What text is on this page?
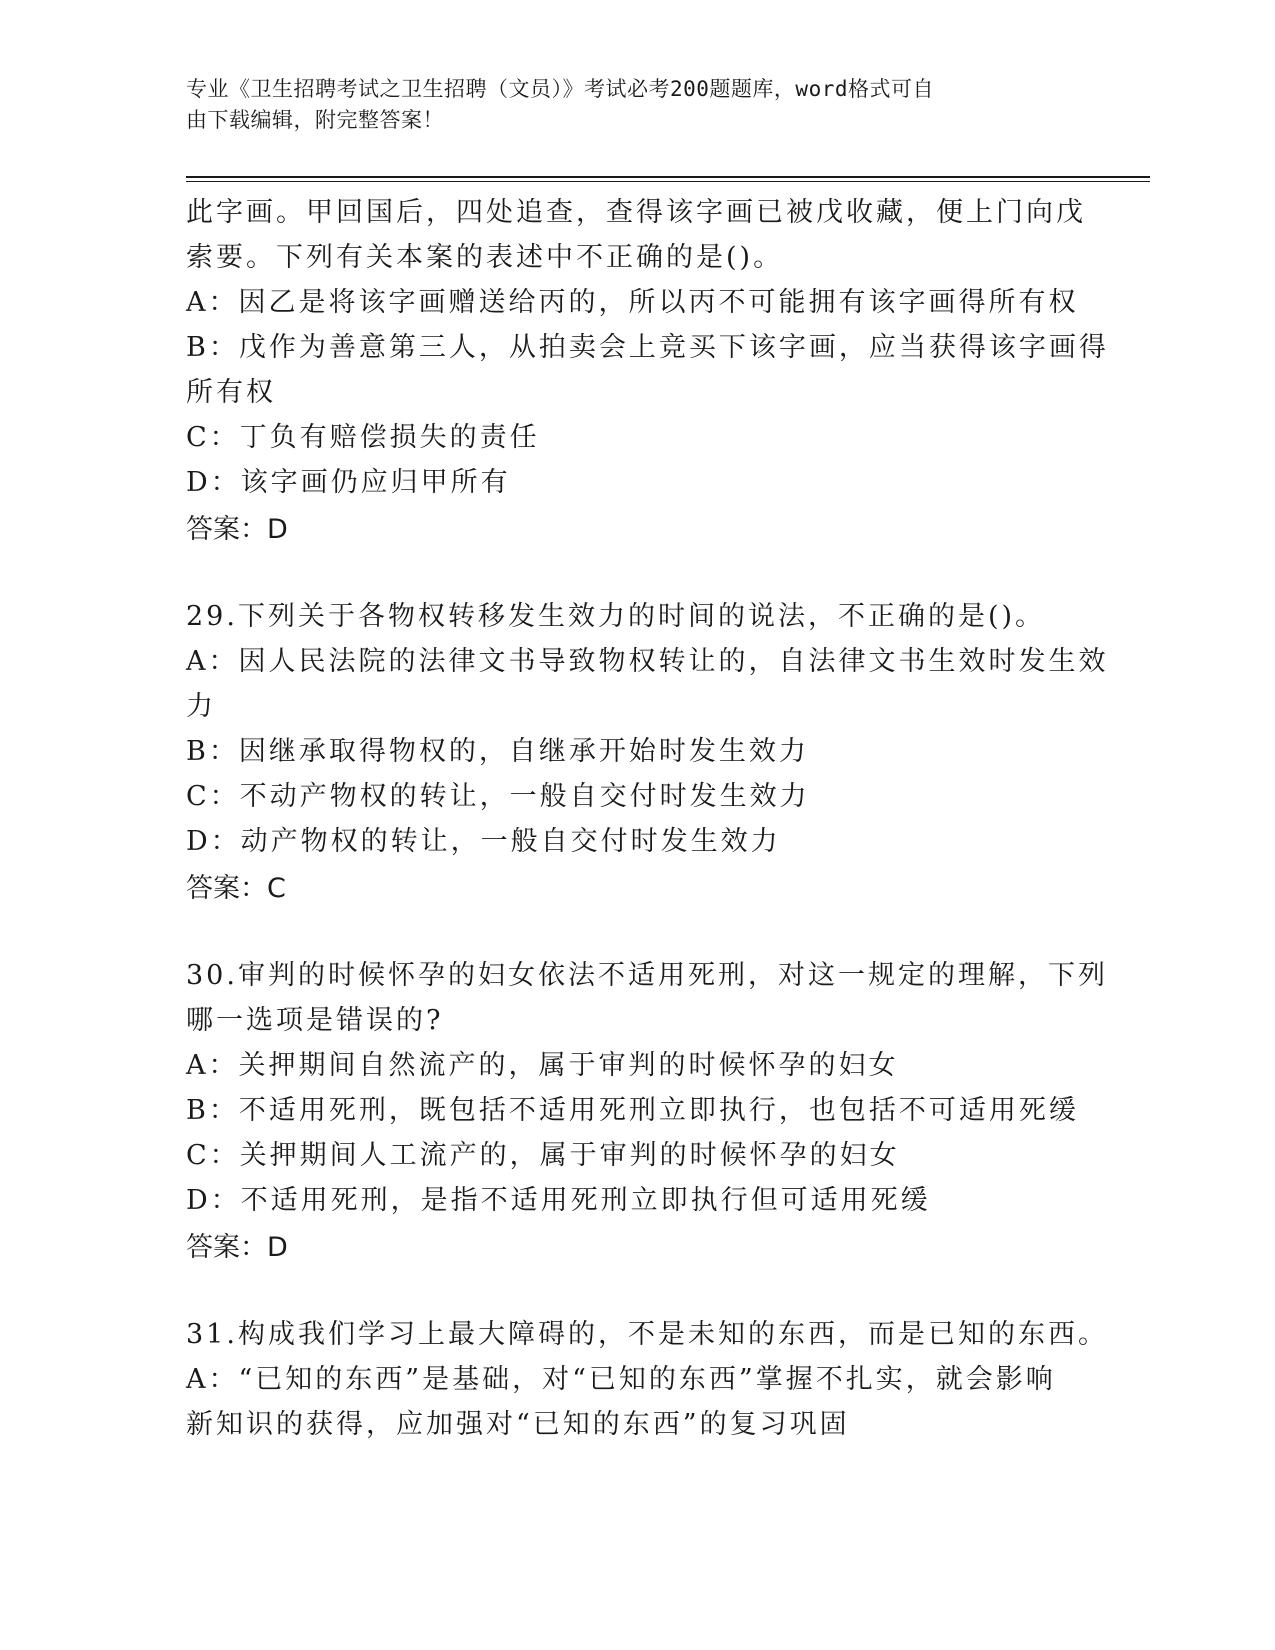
专业《卫生招聘考试之卫生招聘（文员）》考试必考200题题库，word格式可自
由下载编辑，附完整答案！
此字画。甲回国后，四处追查，查得该字画已被戊收藏，便上门向戊
索要。下列有关本案的表述中不正确的是()。
A：因乙是将该字画赠送给丙的，所以丙不可能拥有该字画得所有权
B：戊作为善意第三人，从拍卖会上竞买下该字画，应当获得该字画得
所有权
C：丁负有赔偿损失的责任
D：该字画仍应归甲所有
答案：D
29.下列关于各物权转移发生效力的时间的说法，不正确的是()。
A：因人民法院的法律文书导致物权转让的，自法律文书生效时发生效
力
B：因继承取得物权的，自继承开始时发生效力
C：不动产物权的转让，一般自交付时发生效力
D：动产物权的转让，一般自交付时发生效力
答案：C
30.审判的时候怀孕的妇女依法不适用死刑，对这一规定的理解，下列
哪一选项是错误的?
A：关押期间自然流产的，属于审判的时候怀孕的妇女
B：不适用死刑，既包括不适用死刑立即执行，也包括不可适用死缓
C：关押期间人工流产的，属于审判的时候怀孕的妇女
D：不适用死刑，是指不适用死刑立即执行但可适用死缓
答案：D
31.构成我们学习上最大障碍的，不是未知的东西，而是已知的东西。
A：“已知的东西”是基础，对“已知的东西”掌握不扎实，就会影响
新知识的获得，应加强对“已知的东西”的复习巩固
